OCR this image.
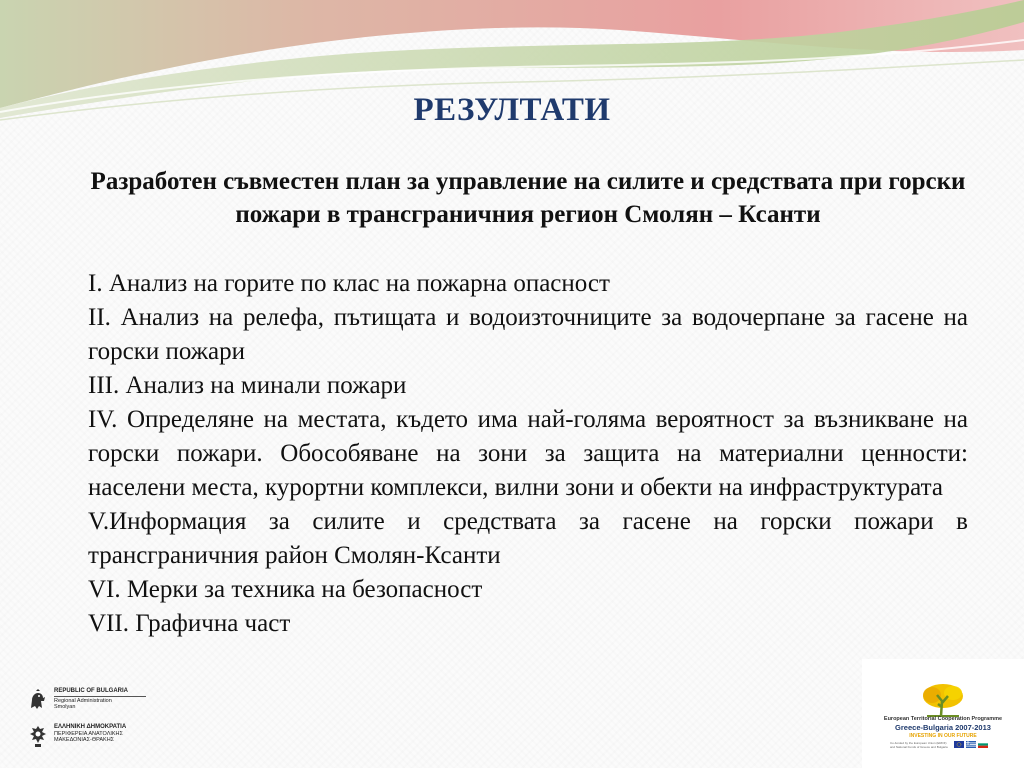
РЕЗУЛТАТИ
Разработен съвместен план за управление на силите и средствата при горски пожари в трансграничния регион Смолян – Ксанти

I. Анализ на горите по клас на пожарна опасност

II. Анализ на релефа, пътищата и водоизточниците за водочерпане за гасене на горски пожари

III. Анализ на минали пожари

IV. Определяне на местата, където има най-голяма вероятност за възникване на горски пожари. Обособяване на зони за защита на материални ценности: населени места, курортни комплекси, вилни зони и обекти на инфраструктурата

V.Информация за силите и средствата за гасене на горски пожари в трансграничния район Смолян-Ксанти

VI. Мерки за техника на безопасност

VII. Графична част

REPUBLIC OF BULGARIA
Regional Administration
Smolyan
ΕΛΛΗΝΙΚΗ ΔΗΜΟΚΡΑΤΙΑ
ΠΕΡΙΦΕΡΕΙΑ ΑΝΑΤΟΛΙΚΗΣ
ΜΑΚΕΔΟΝΙΑΣ-ΘΡΑΚΗΣ
European Territorial Cooperation Programme
Greece-Bulgaria 2007-2013
INVESTING IN OUR FUTURE
Co-funded by the European Union (ERDF) and National Funds of Greece and Bulgaria
